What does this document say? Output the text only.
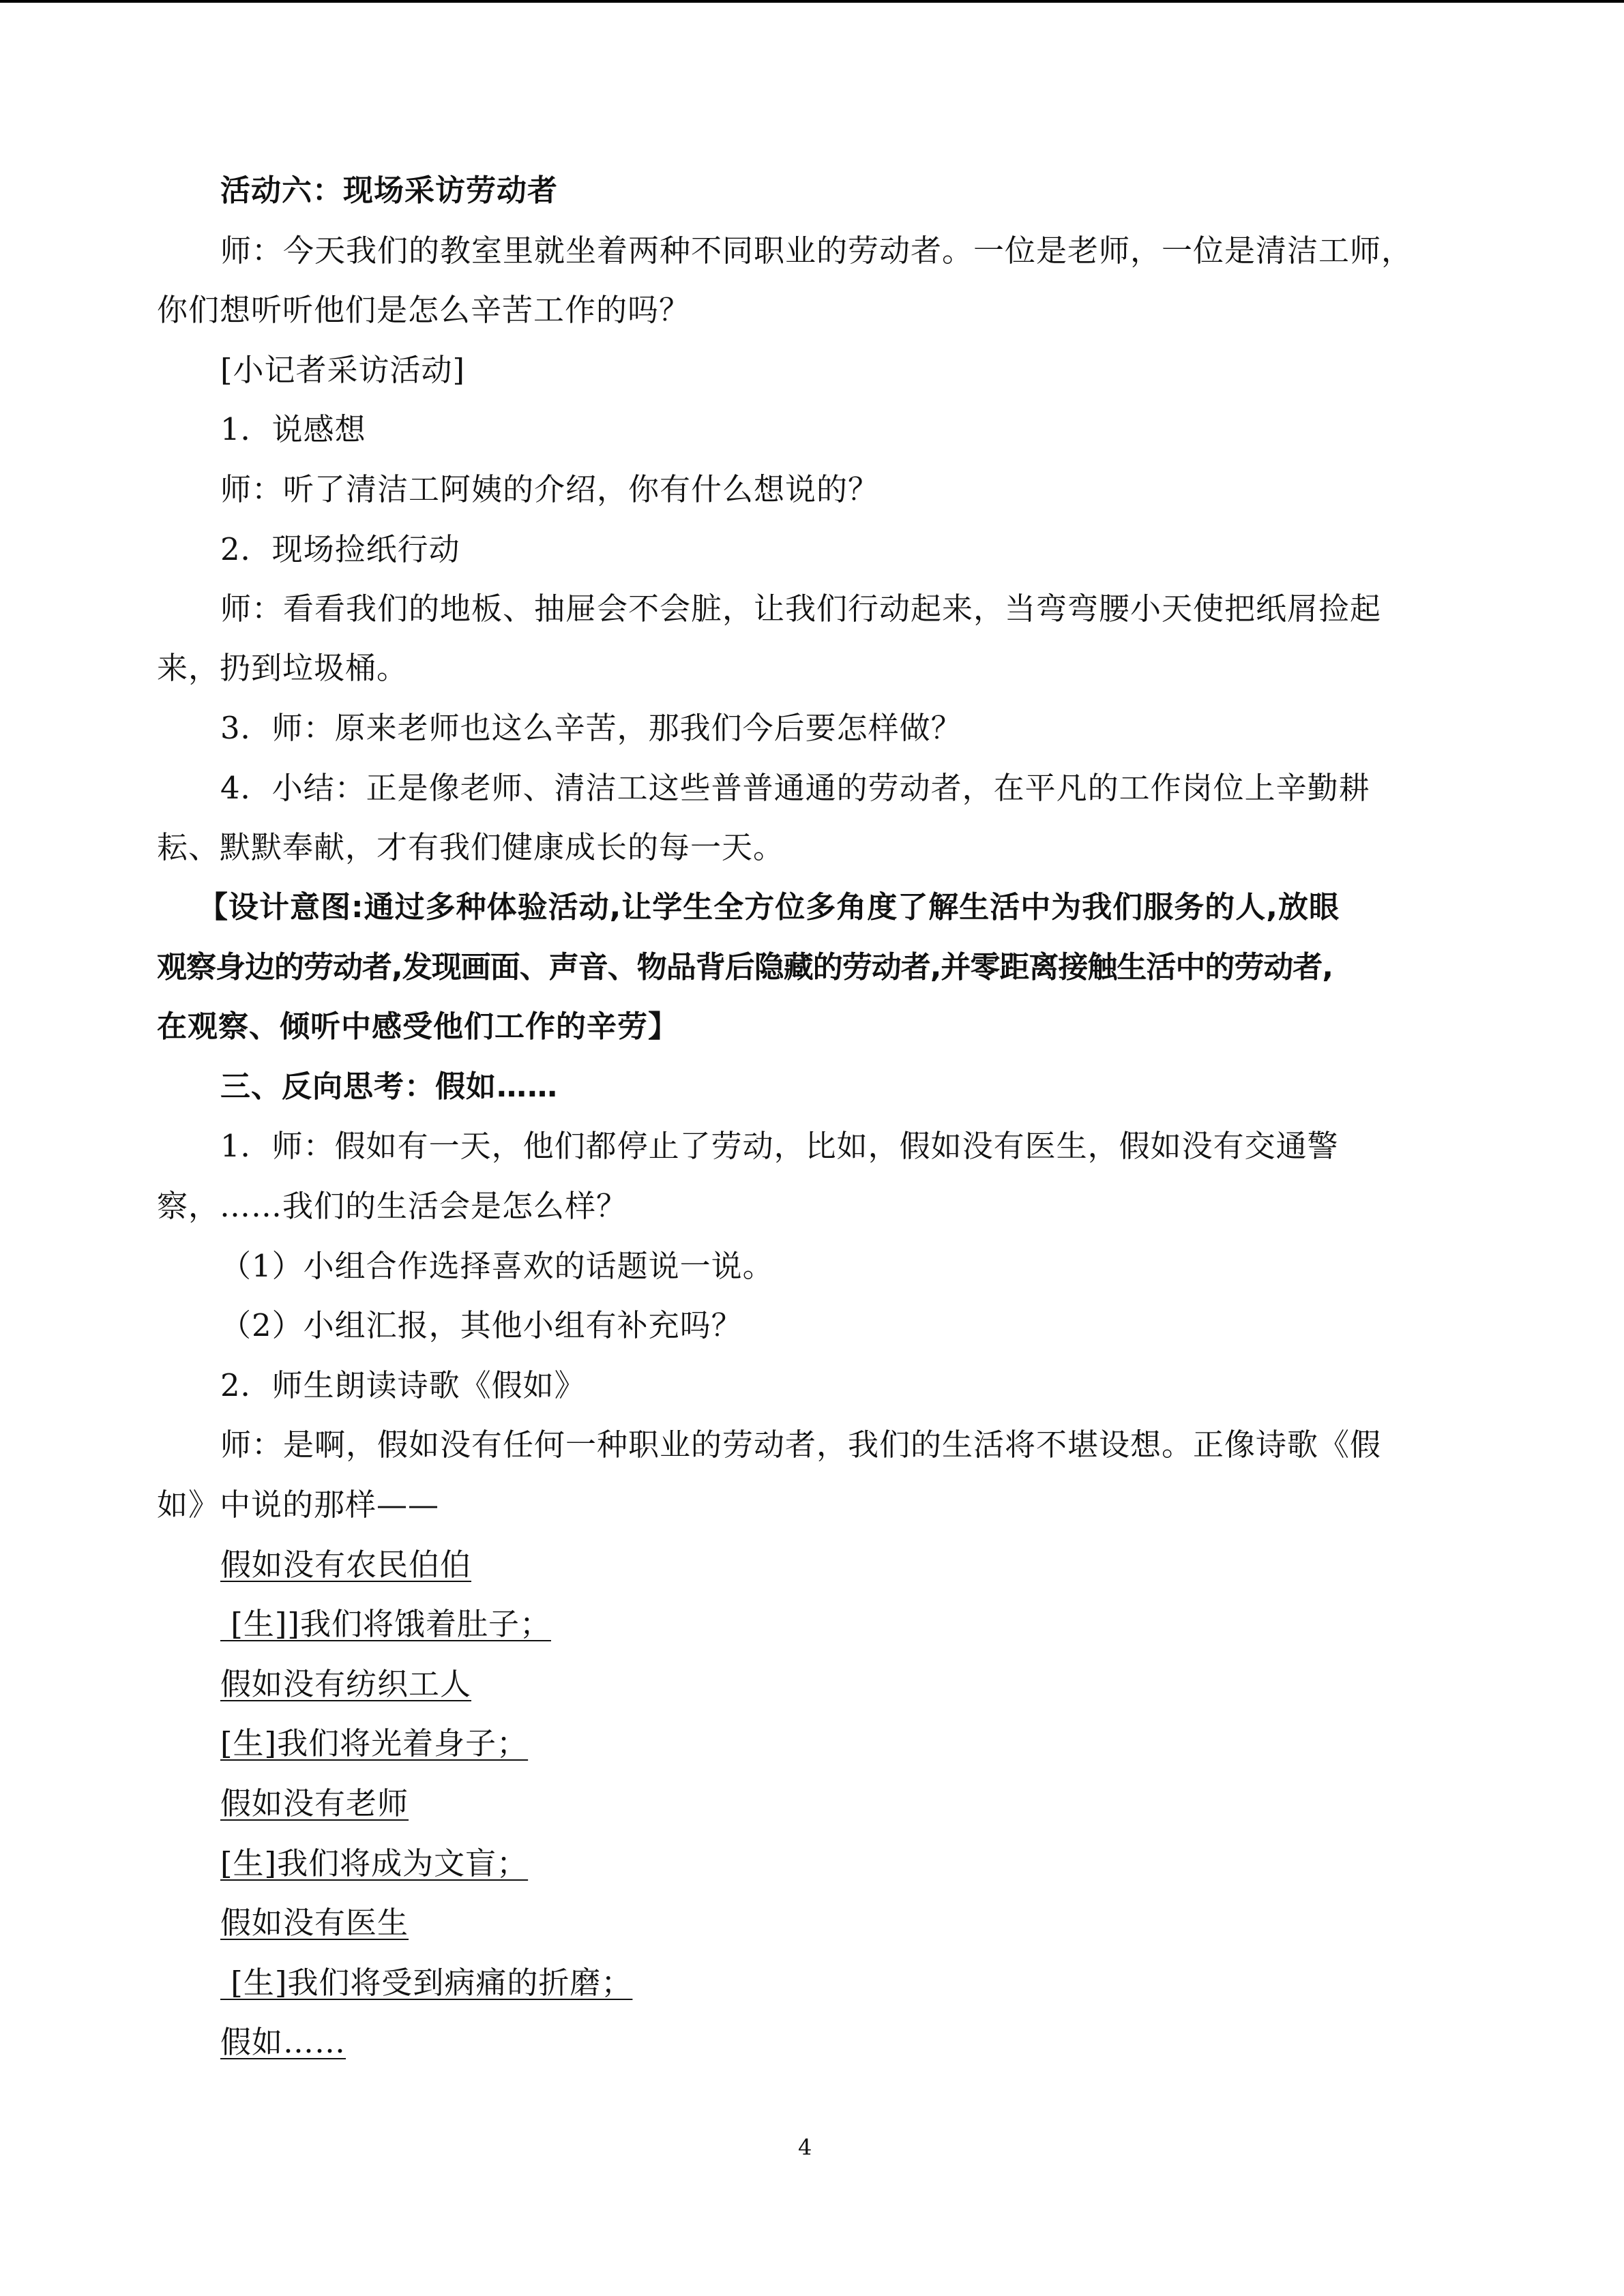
活动六：现场采访劳动者
师：今天我们的教室里就坐着两种不同职业的劳动者。一位是老师，一位是清洁工师，
你们想听听他们是怎么辛苦工作的吗？
[小记者采访活动]
1．说感想
师：听了清洁工阿姨的介绍，你有什么想说的？
2．现场捡纸行动
师：看看我们的地板、抽屉会不会脏，让我们行动起来，当弯弯腰小天使把纸屑捡起
来，扔到垃圾桶。
3．师：原来老师也这么辛苦，那我们今后要怎样做？
4．小结：正是像老师、清洁工这些普普通通的劳动者，在平凡的工作岗位上辛勤耕
耘、默默奉献，才有我们健康成长的每一天。
【设计意图:通过多种体验活动,让学生全方位多角度了解生活中为我们服务的人,放眼
观察身边的劳动者,发现画面、声音、物品背后隐藏的劳动者,并零距离接触生活中的劳动者,
在观察、倾听中感受他们工作的辛劳】
三、反向思考：假如……
1．师：假如有一天，他们都停止了劳动，比如，假如没有医生，假如没有交通警
察，……我们的生活会是怎么样？
（1）小组合作选择喜欢的话题说一说。
（2）小组汇报，其他小组有补充吗？
2．师生朗读诗歌《假如》
师：是啊，假如没有任何一种职业的劳动者，我们的生活将不堪设想。正像诗歌《假
如》中说的那样——
假如没有农民伯伯
[生]]我们将饿着肚子；
假如没有纺织工人
[生]我们将光着身子；
假如没有老师
[生]我们将成为文盲；
假如没有医生
[生]我们将受到病痛的折磨；
假如……
4
